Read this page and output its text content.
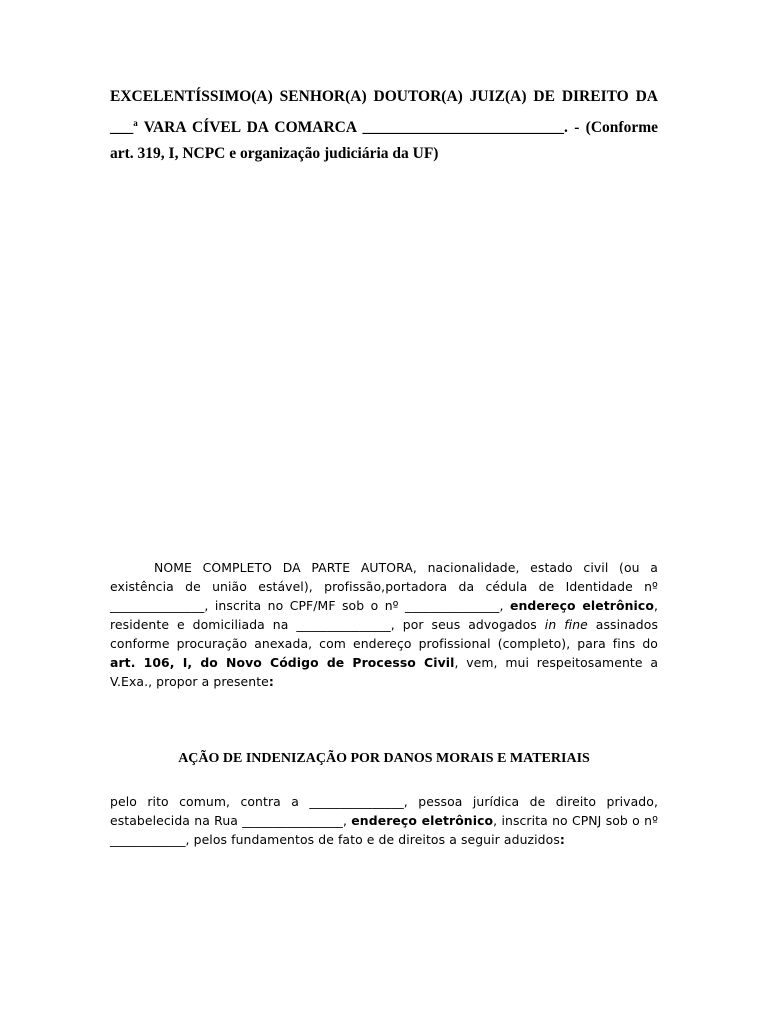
EXCELENTÍSSIMO(A) SENHOR(A) DOUTOR(A) JUIZ(A) DE DIREITO DA
___$^a$ VARA CÍVEL DA COMARCA __________________________. - (Conforme
art. 319, I, NCPC e organização judiciária da UF)
NOME COMPLETO DA PARTE AUTORA, nacionalidade, estado civil (ou a existência de união estável), profissão,portadora da cédula de Identidade nº _______________, inscrita no CPF/MF sob o nº _______________, endereço eletrônico, residente e domiciliada na _______________, por seus advogados in fine assinados conforme procuração anexada, com endereço profissional (completo), para fins do art. 106, I, do Novo Código de Processo Civil, vem, mui respeitosamente a V.Exa., propor a presente:
AÇÃO DE INDENIZAÇÃO POR DANOS MORAIS E MATERIAIS
pelo rito comum, contra a _______________, pessoa jurídica de direito privado, estabelecida na Rua ________________, endereço eletrônico, inscrita no CPNJ sob o nº ____________, pelos fundamentos de fato e de direitos a seguir aduzidos:
